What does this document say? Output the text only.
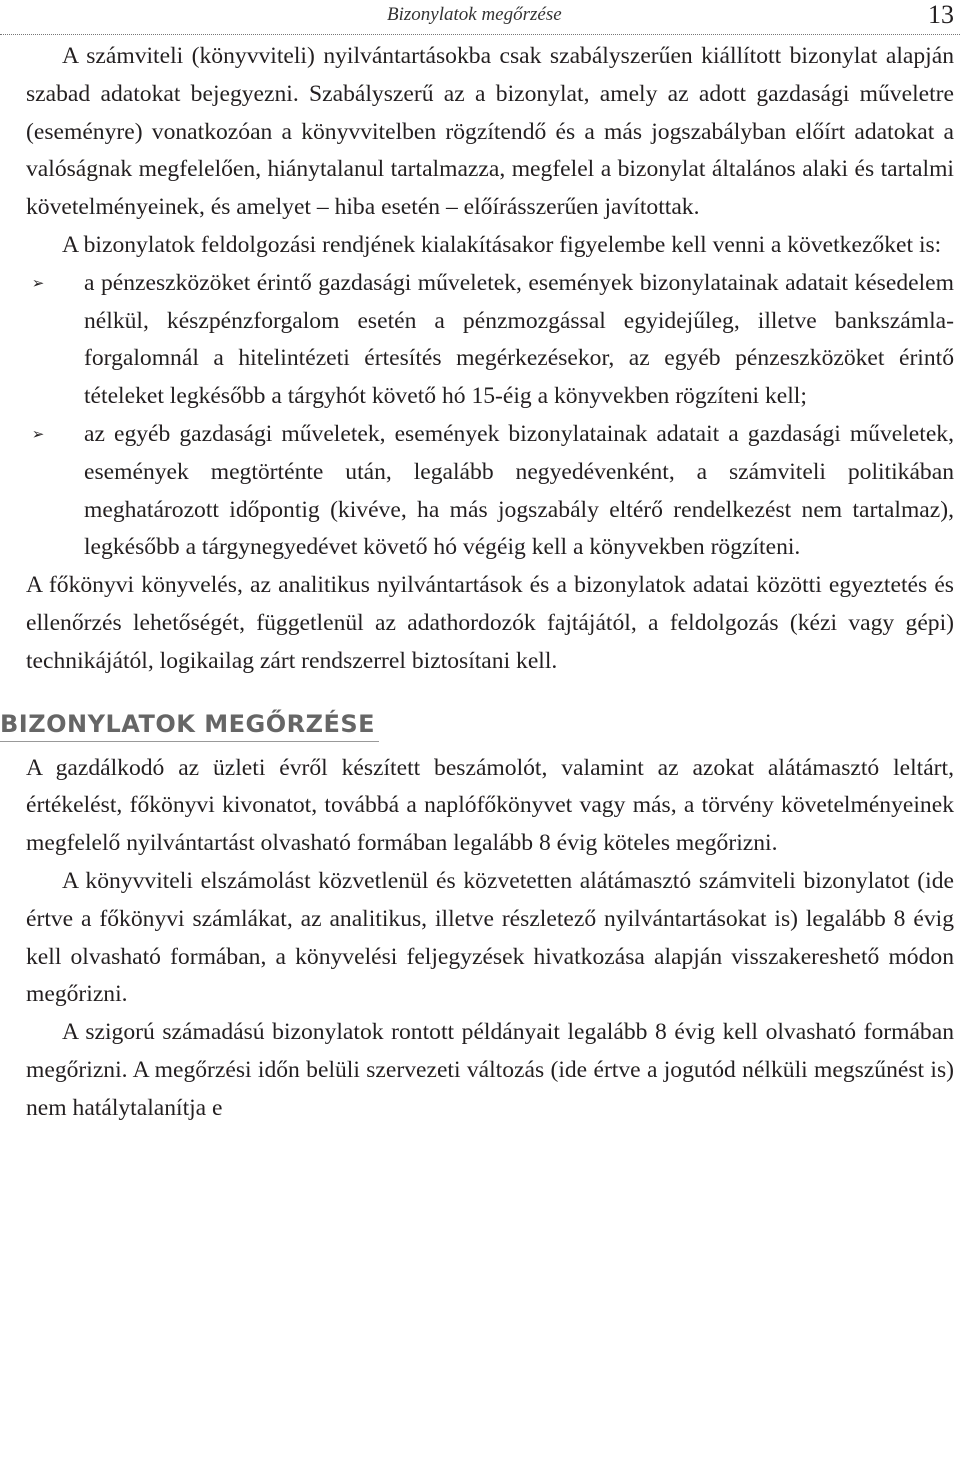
Bizonylatok megőrzése	13

A számviteli (könyvviteli) nyilvántartásokba csak szabályszerűen kiállított bizonylat alapján szabad adatokat bejegyezni. Szabályszerű az a bizonylat, amely az adott gazdasági műveletre (eseményre) vonatkozóan a könyvvitelben rögzítendő és a más jogszabályban előírt adatokat a valóságnak megfelelően, hiánytalanul tartalmazza, megfelel a bizonylat általános alaki és tartalmi követelményeinek, és amelyet – hiba esetén – előírásszerűen javítottak.

A bizonylatok feldolgozási rendjének kialakításakor figyelembe kell venni a következőket is:

➢ a pénzeszközöket érintő gazdasági műveletek, események bizonylatainak adatait késedelem nélkül, készpénzforgalom esetén a pénzmozgással egyidejűleg, illetve bankszámla-forgalomnál a hitelintézeti értesítés megérkezésekor, az egyéb pénzeszközöket érintő tételeket legkésőbb a tárgyhót követő hó 15-éig a könyvekben rögzíteni kell;
➢ az egyéb gazdasági műveletek, események bizonylatainak adatait a gazdasági műveletek, események megtörténte után, legalább negyedévenként, a számviteli politikában meghatározott időpontig (kivéve, ha más jogszabály eltérő rendelkezést nem tartalmaz), legkésőbb a tárgynegyedévet követő hó végéig kell a könyvekben rögzíteni.

A főkönyvi könyvelés, az analitikus nyilvántartások és a bizonylatok adatai közötti egyeztetés és ellenőrzés lehetőségét, függetlenül az adathordozók fajtájától, a feldolgozás (kézi vagy gépi) technikájától, logikailag zárt rendszerrel biztosítani kell.

BIZONYLATOK MEGŐRZÉSE

A gazdálkodó az üzleti évről készített beszámolót, valamint az azokat alátámasztó leltárt, értékelést, főkönyvi kivonatot, továbbá a naplófőkönyvet vagy más, a törvény követelményeinek megfelelő nyilvántartást olvasható formában legalább 8 évig köteles megőrizni.

A könyvviteli elszámolást közvetlenül és közvetetten alátámasztó számviteli bizonylatot (ide értve a főkönyvi számlákat, az analitikus, illetve részletező nyilvántartásokat is) legalább 8 évig kell olvasható formában, a könyvelési feljegyzések hivatkozása alapján visszakereshető módon megőrizni.

A szigorú számadású bizonylatok rontott példányait legalább 8 évig kell olvasható formában megőrizni. A megőrzési időn belüli szervezeti változás (ide értve a jogutód nélküli megszűnést is) nem hatálytalanítja e
